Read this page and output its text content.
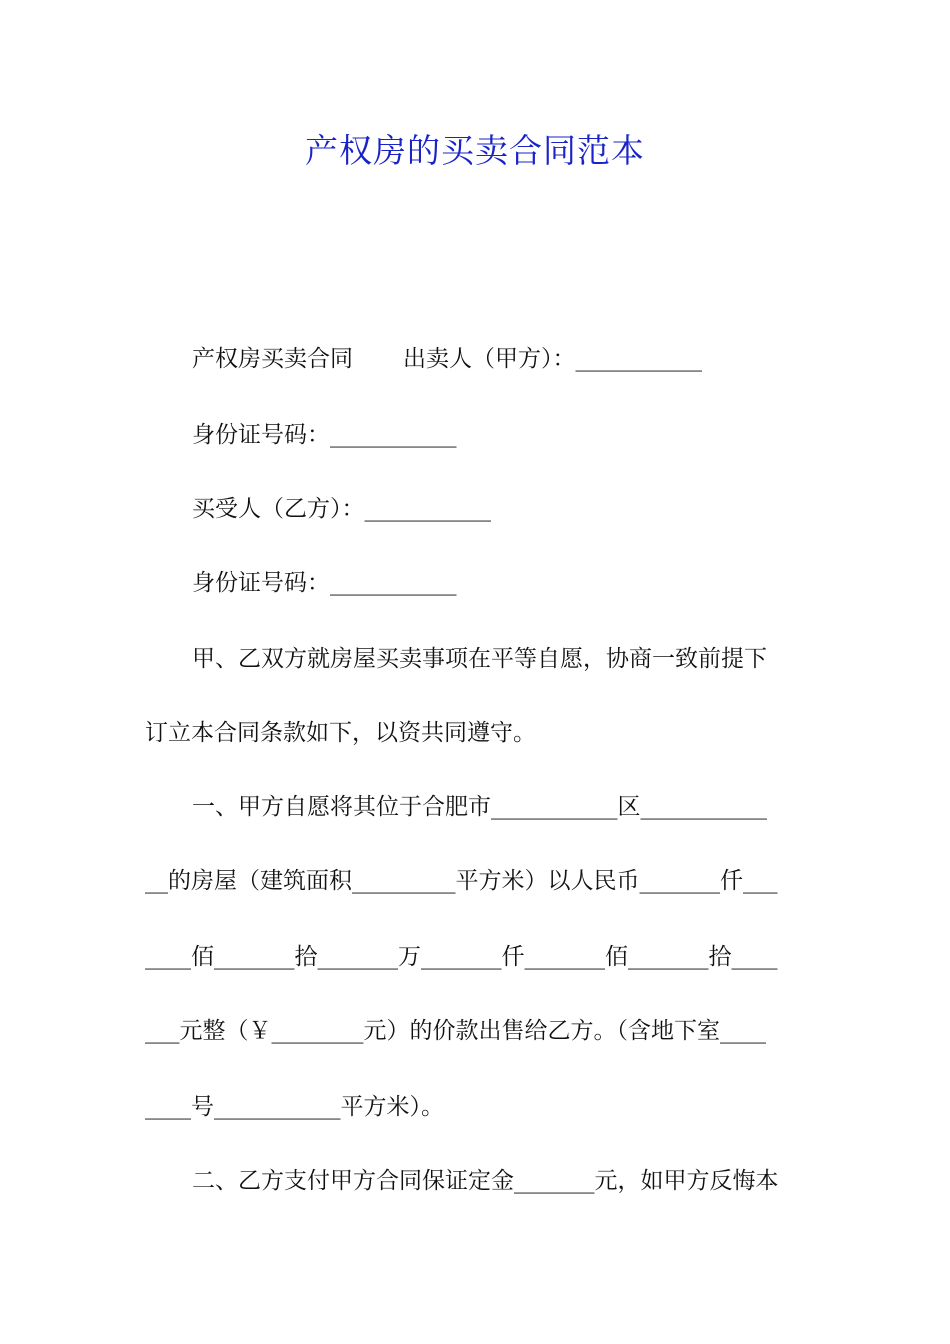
产权房的买卖合同范本
产权房买卖合同 出卖人（甲方）：___________
身份证号码：___________
买受人（乙方）：___________
身份证号码：___________
甲、乙双方就房屋买卖事项在平等自愿，协商一致前提下
订立本合同条款如下，以资共同遵守。
一、甲方自愿将其位于合肥市___________区___________
__的房屋（建筑面积_________平方米）以人民币_______仟___
____佰_______拾_______万_______仟_______佰_______拾____
___元整（￥________元）的价款出售给乙方。（含地下室____
____号___________平方米）。
二、乙方支付甲方合同保证定金_______元，如甲方反悔本
